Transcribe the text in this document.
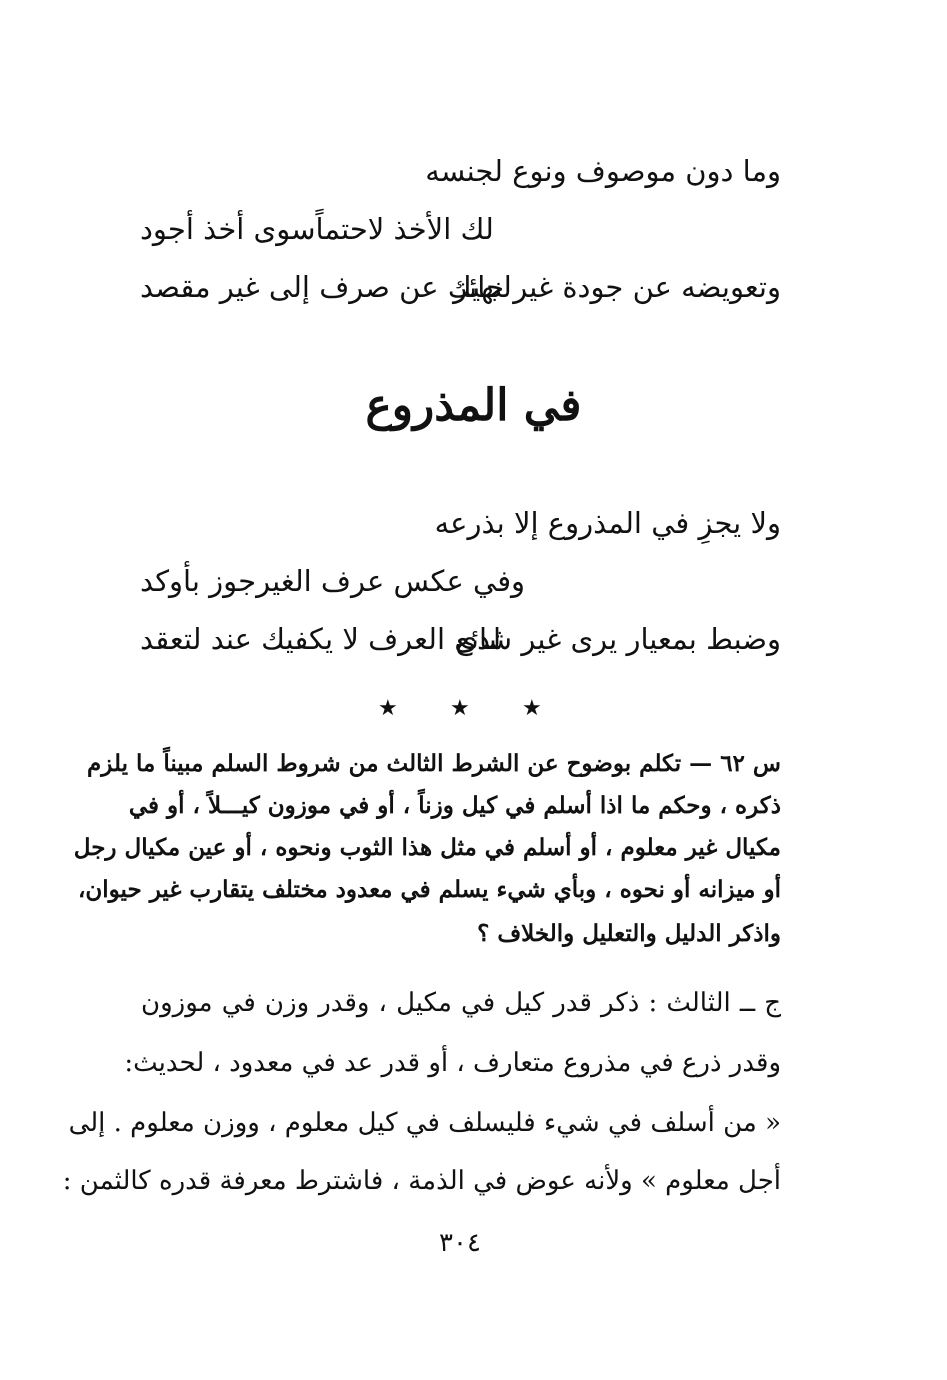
وما دون موصوف ونوع لجنسه
لك الأخذ لاحتماًسوى أخذ أجود
وتعويضه عن جودة غير جائز
لنهيك عن صرف إلى غير مقصد
في المذروع
ولا يجزِ في المذروع إلا بذرعه
وفي عكس عرف الغيرجوز بأوكد
وضبط بمعيار يرى غير شائع
لدى العرف لا يكفيك عند لتعقد
★ ★ ★
س ٦٢ — تكلم بوضوح عن الشرط الثالث من شروط السلم مبيناً ما يلزم
ذكره ، وحكم ما اذا أسلم في كيل وزناً ، أو في موزون كيـــلاً ، أو في
مكيال غير معلوم ، أو أسلم في مثل هذا الثوب ونحوه ، أو عين مكيال رجل
أو ميزانه أو نحوه ، وبأي شيء يسلم في معدود مختلف يتقارب غير حيوان،
واذكر الدليل والتعليل والخلاف ؟
ج ــ الثالث : ذكر قدر كيل في مكيل ، وقدر وزن في موزون
وقدر ذرع في مذروع متعارف ، أو قدر عد في معدود ، لحديث:
« من أسلف في شيء فليسلف في كيل معلوم ، ووزن معلوم . إلى
أجل معلوم » ولأنه عوض في الذمة ، فاشترط معرفة قدره كالثمن :
٣٠٤
